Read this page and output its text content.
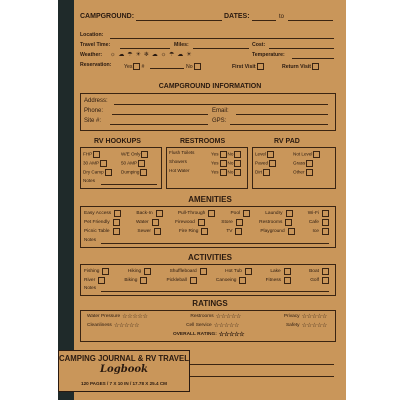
CAMPGROUND:	DATES:	to
Location:
Travel Time:	Miles:	Cost:
Weather: ☼ ☁ ☂ ☀ ❄ ☁ ☼ ☂ ☁ ☀	Temperature:
Reservation: Yes #	No	First Visit	Return Visit
CAMPGROUND INFORMATION
Address:
Phone:	Email:
Site #:	GPS:
RV HOOKUPS	RESTROOMS	RV PAD
FHP	W/E Only
30 AMP	50 AMP
Dry Camp	Dumping
Notes
Flush Toilets	Yes No
Showers	Yes No
Hot Water	Yes No
Level	Not Level
Paved	Grass
Dirt	Other
AMENITIES
Easy Access	Back-In	Pull-Through	Pool	Laundry	Wi-Fi
Pet Friendly	Water	Firewood	Store	Restrooms	Cafe
Picnic Table	Sewer	Fire Ring	TV	Playground	Ice
Notes
ACTIVITIES
Fishing	Hiking	Shuffleboard	Hot Tub	Lake	Boat
River	Biking	Pickleball	Canoeing	Fitness	Golf
Notes
RATINGS
Water Pressure ☆☆☆☆☆	Restrooms ☆☆☆☆☆	Privacy ☆☆☆☆☆
Cleanliness ☆☆☆☆☆	Cell Service ☆☆☆☆☆	Safety ☆☆☆☆☆
OVERALL RATING: ☆☆☆☆☆
CAMPING JOURNAL & RV TRAVEL
Logbook
120 PAGES / 7 X 10 IN / 17.78 X 25.4 CM
